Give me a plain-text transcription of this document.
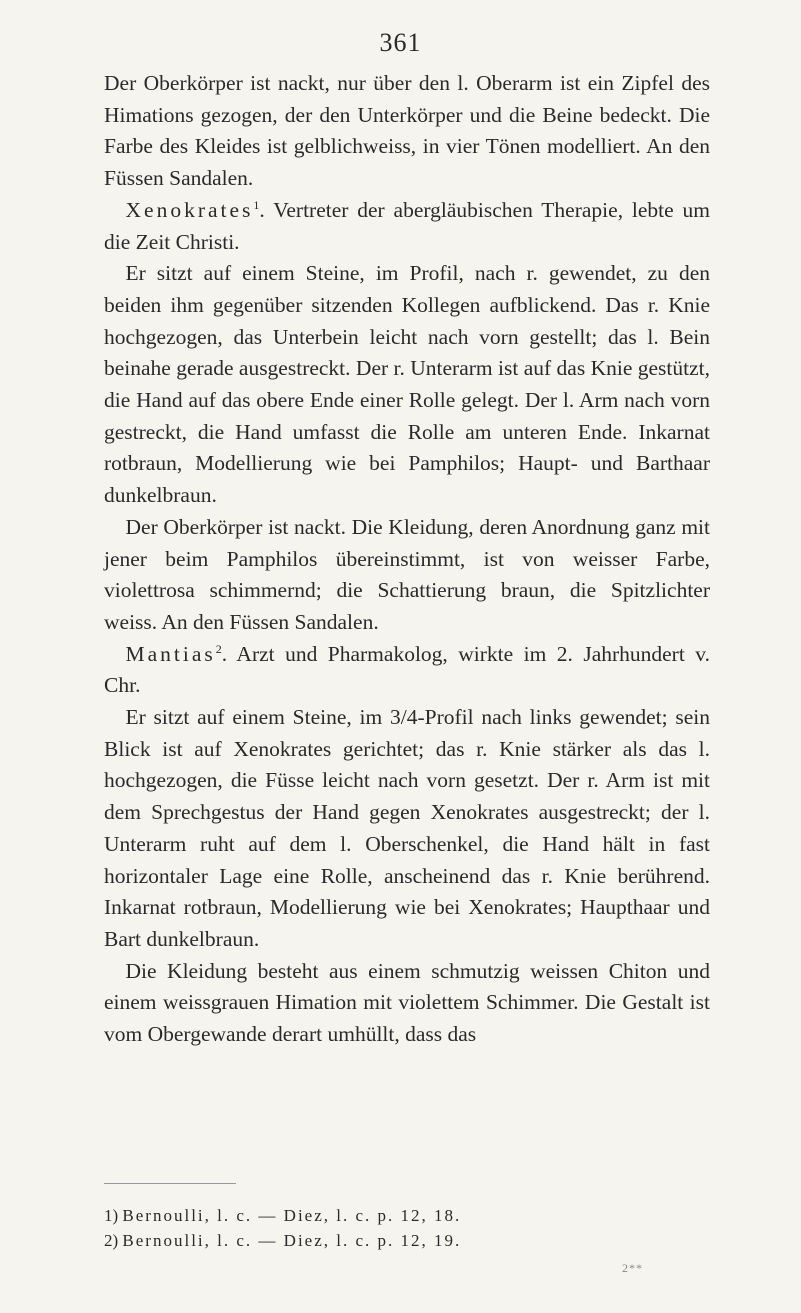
361

Der Oberkörper ist nackt, nur über den l. Oberarm ist ein Zipfel des Himations gezogen, der den Unterkörper und die Beine bedeckt. Die Farbe des Kleides ist gelblichweiss, in vier Tönen modelliert. An den Füssen Sandalen.

Xenokrates$^1$. Vertreter der abergläubischen Therapie, lebte um die Zeit Christi.

Er sitzt auf einem Steine, im Profil, nach r. gewendet, zu den beiden ihm gegenüber sitzenden Kollegen aufblickend. Das r. Knie hochgezogen, das Unterbein leicht nach vorn gestellt; das l. Bein beinahe gerade ausgestreckt. Der r. Unterarm ist auf das Knie gestützt, die Hand auf das obere Ende einer Rolle gelegt. Der l. Arm nach vorn gestreckt, die Hand umfasst die Rolle am unteren Ende. Inkarnat rotbraun, Modellierung wie bei Pamphilos; Haupt- und Barthaar dunkelbraun.

Der Oberkörper ist nackt. Die Kleidung, deren Anordnung ganz mit jener beim Pamphilos übereinstimmt, ist von weisser Farbe, violettrosa schimmernd; die Schattierung braun, die Spitzlichter weiss. An den Füssen Sandalen.

Mantias$^2$. Arzt und Pharmakolog, wirkte im 2. Jahrhundert v. Chr.

Er sitzt auf einem Steine, im 3/4-Profil nach links gewendet; sein Blick ist auf Xenokrates gerichtet; das r. Knie stärker als das l. hochgezogen, die Füsse leicht nach vorn gesetzt. Der r. Arm ist mit dem Sprechgestus der Hand gegen Xenokrates ausgestreckt; der l. Unterarm ruht auf dem l. Oberschenkel, die Hand hält in fast horizontaler Lage eine Rolle, anscheinend das r. Knie berührend. Inkarnat rotbraun, Modellierung wie bei Xenokrates; Haupthaar und Bart dunkelbraun.

Die Kleidung besteht aus einem schmutzig weissen Chiton und einem weissgrauen Himation mit violettem Schimmer. Die Gestalt ist vom Obergewande derart umhüllt, dass das

1) Bernoulli, l. c. — Diez, l. c. p. 12, 18.
2) Bernoulli, l. c. — Diez, l. c. p. 12, 19.
2**
